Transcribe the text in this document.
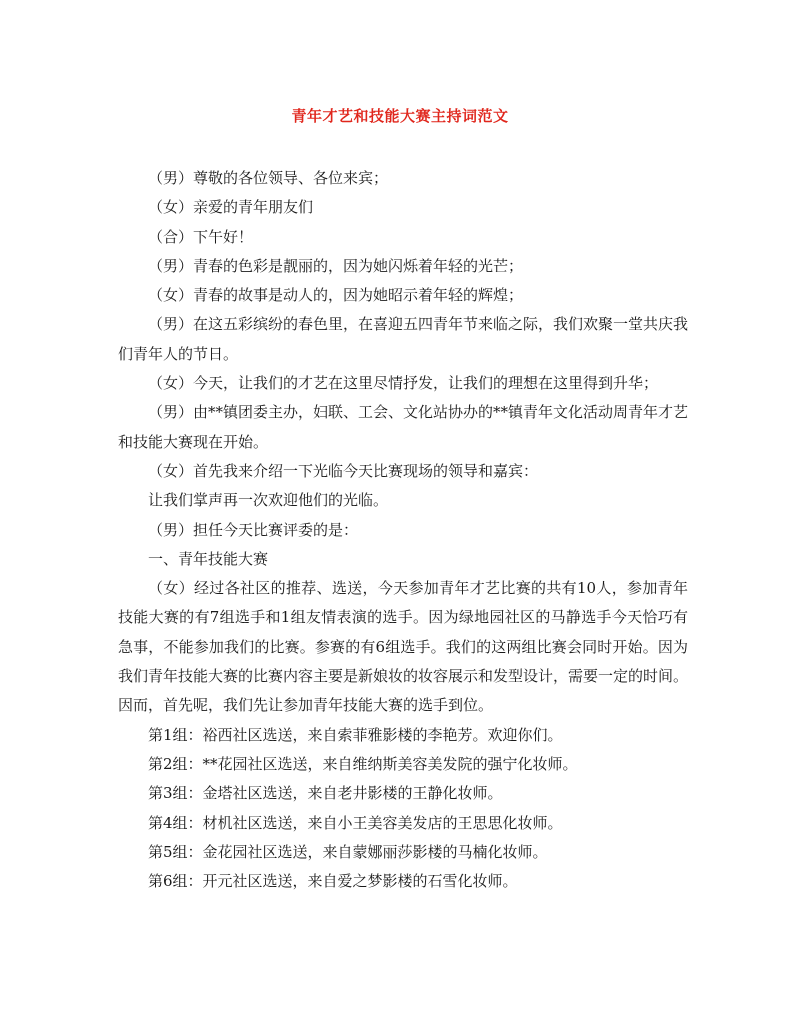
青年才艺和技能大赛主持词范文

（男）尊敬的各位领导、各位来宾；

（女）亲爱的青年朋友们

（合）下午好！

（男）青春的色彩是靓丽的，因为她闪烁着年轻的光芒；

（女）青春的故事是动人的，因为她昭示着年轻的辉煌；

（男）在这五彩缤纷的春色里，在喜迎五四青年节来临之际，我们欢聚一堂共庆我们青年人的节日。

（女）今天，让我们的才艺在这里尽情抒发，让我们的理想在这里得到升华；

（男）由**镇团委主办，妇联、工会、文化站协办的**镇青年文化活动周青年才艺和技能大赛现在开始。

（女）首先我来介绍一下光临今天比赛现场的领导和嘉宾：

让我们掌声再一次欢迎他们的光临。

（男）担任今天比赛评委的是：

一、青年技能大赛

（女）经过各社区的推荐、选送，今天参加青年才艺比赛的共有10人，参加青年技能大赛的有7组选手和1组友情表演的选手。因为绿地园社区的马静选手今天恰巧有急事，不能参加我们的比赛。参赛的有6组选手。我们的这两组比赛会同时开始。因为我们青年技能大赛的比赛内容主要是新娘妆的妆容展示和发型设计，需要一定的时间。因而，首先呢，我们先让参加青年技能大赛的选手到位。

第1组：裕西社区选送，来自索菲雅影楼的李艳芳。欢迎你们。

第2组：**花园社区选送，来自维纳斯美容美发院的强宁化妆师。

第3组：金塔社区选送，来自老井影楼的王静化妆师。

第4组：材机社区选送，来自小王美容美发店的王思思化妆师。

第5组：金花园社区选送，来自蒙娜丽莎影楼的马楠化妆师。

第6组：开元社区选送，来自爱之梦影楼的石雪化妆师。
